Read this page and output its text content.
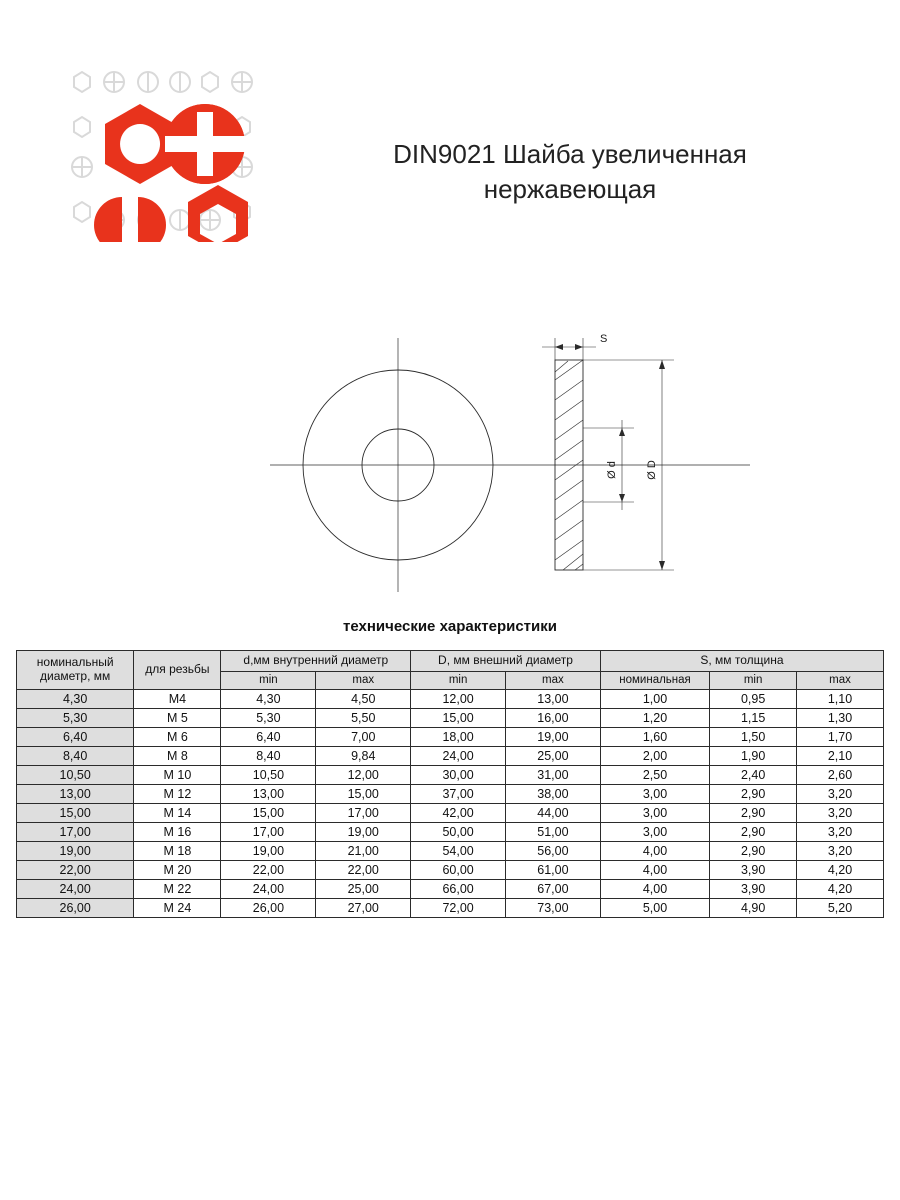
DIN9021 Шайба увеличенная нержавеющая
S
Ø d	Ø D
технические характеристики
номинальный диаметр, мм	для резьбы	d,мм внутренний диаметр		D, мм внешний диаметр		S, мм толщина		
		min	max	min	max	номинальная	min	max
4,30	M4	4,30	4,50	12,00	13,00	1,00	0,95	1,10
5,30	M 5	5,30	5,50	15,00	16,00	1,20	1,15	1,30
6,40	M 6	6,40	7,00	18,00	19,00	1,60	1,50	1,70
8,40	M 8	8,40	9,84	24,00	25,00	2,00	1,90	2,10
10,50	M 10	10,50	12,00	30,00	31,00	2,50	2,40	2,60
13,00	M 12	13,00	15,00	37,00	38,00	3,00	2,90	3,20
15,00	M 14	15,00	17,00	42,00	44,00	3,00	2,90	3,20
17,00	M 16	17,00	19,00	50,00	51,00	3,00	2,90	3,20
19,00	M 18	19,00	21,00	54,00	56,00	4,00	2,90	3,20
22,00	M 20	22,00	22,00	60,00	61,00	4,00	3,90	4,20
24,00	M 22	24,00	25,00	66,00	67,00	4,00	3,90	4,20
26,00	M 24	26,00	27,00	72,00	73,00	5,00	4,90	5,20
